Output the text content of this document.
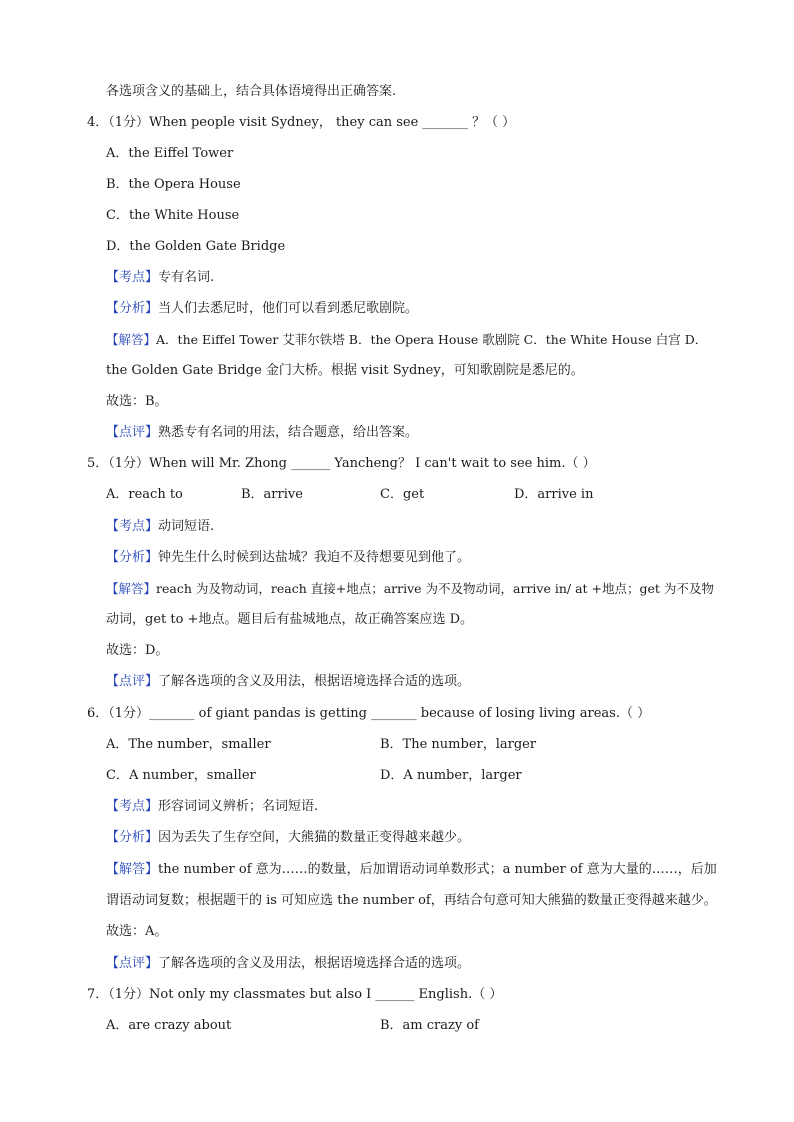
各选项含义的基础上，结合具体语境得出正确答案.
4．（1分）When people visit Sydney， they can see _______ ？（ ）
A．the Eiffel Tower
B．the Opera House
C．the White House
D．the Golden Gate Bridge
【考点】专有名词.
【分析】当人们去悉尼时，他们可以看到悉尼歌剧院。
【解答】A．the Eiffel Tower 艾菲尔铁塔 B．the Opera House 歌剧院 C．the White House 白宫 D．
the Golden Gate Bridge 金门大桥。根据 visit Sydney，可知歌剧院是悉尼的。
故选：B。
【点评】熟悉专有名词的用法，结合题意，给出答案。
5．（1分）When will Mr. Zhong ______ Yancheng？ I can't wait to see him.（ ）
A．reach to	B．arrive	C．get	D．arrive in
【考点】动词短语.
【分析】钟先生什么时候到达盐城？我迫不及待想要见到他了。
【解答】reach 为及物动词，reach 直接+地点；arrive 为不及物动词，arrive in/ at +地点；get 为不及物
动词，get to +地点。题目后有盐城地点，故正确答案应选 D。
故选：D。
【点评】了解各选项的含义及用法，根据语境选择合适的选项。
6．（1分）_______ of giant pandas is getting _______ because of losing living areas.（ ）
A．The number，smaller	B．The number，larger
C．A number，smaller	D．A number，larger
【考点】形容词词义辨析；名词短语.
【分析】因为丢失了生存空间，大熊猫的数量正变得越来越少。
【解答】the number of 意为……的数量，后加谓语动词单数形式；a number of 意为大量的……，后加
谓语动词复数；根据题干的 is 可知应选 the number of，再结合句意可知大熊猫的数量正变得越来越少。
故选：A。
【点评】了解各选项的含义及用法，根据语境选择合适的选项。
7．（1分）Not only my classmates but also I ______ English.（ ）
A．are crazy about	B．am crazy of
